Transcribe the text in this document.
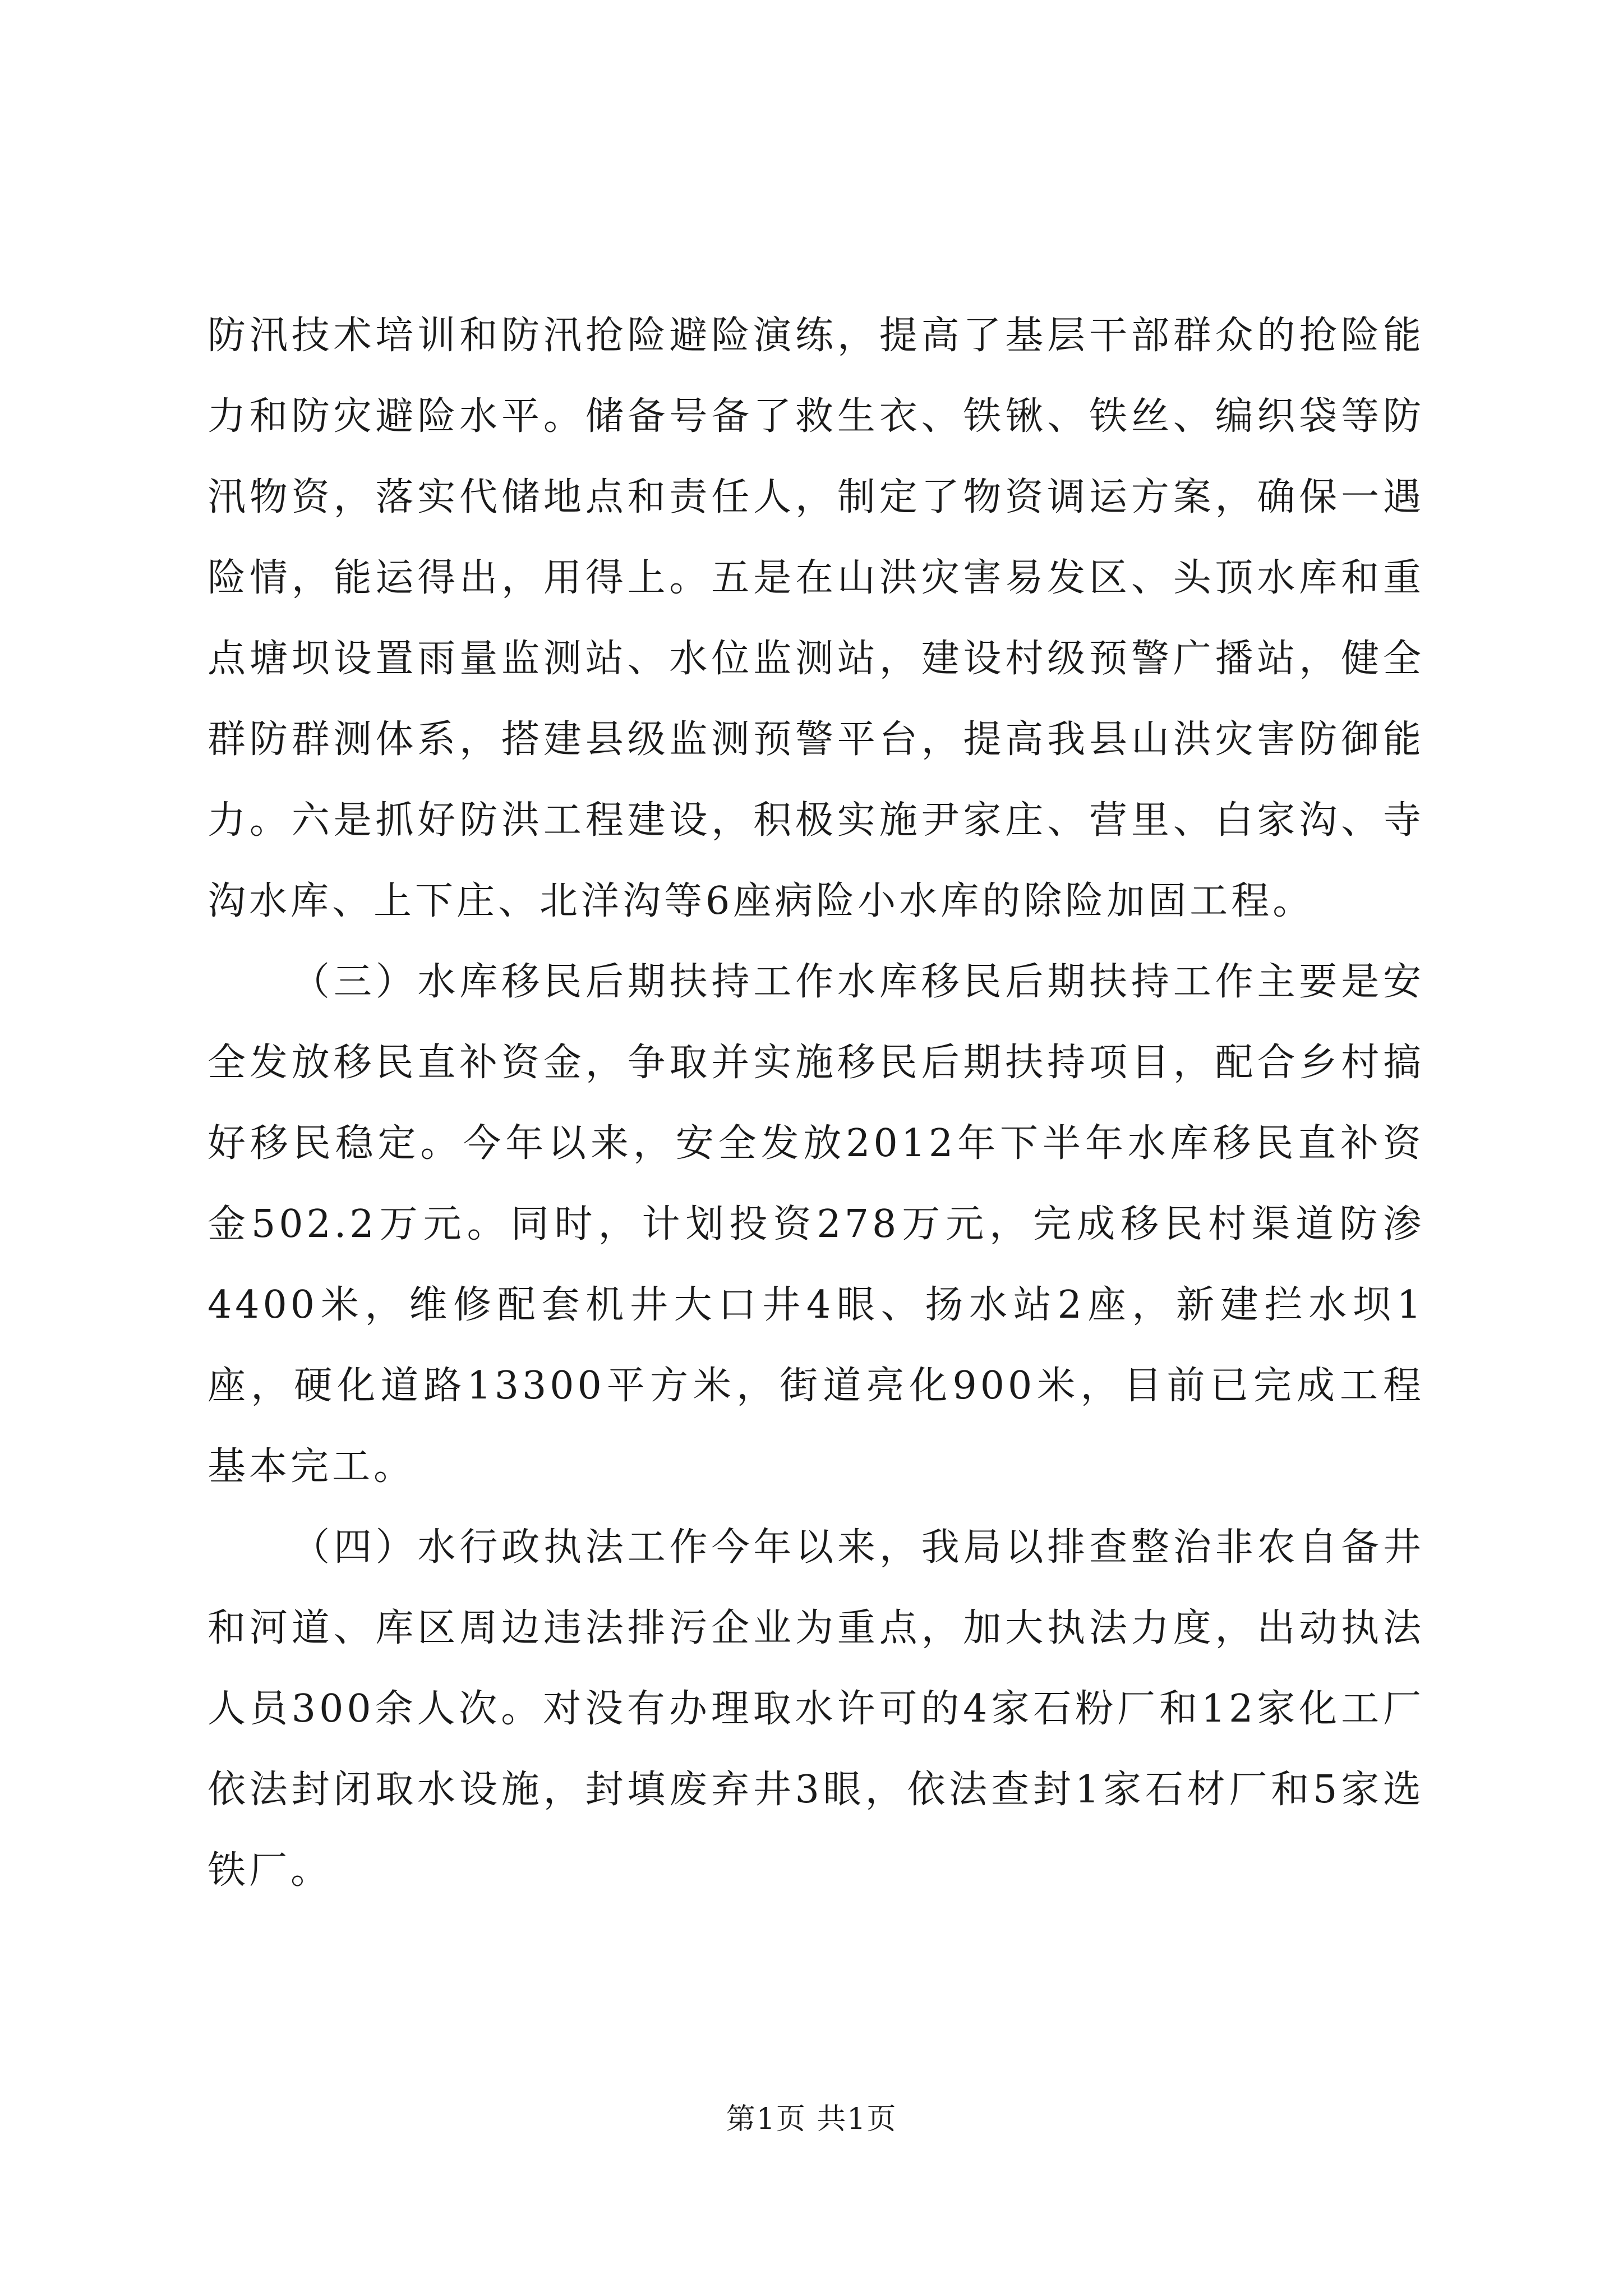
防汛技术培训和防汛抢险避险演练，提高了基层干部群众的抢险能力和防灾避险水平。储备号备了救生衣、铁锹、铁丝、编织袋等防汛物资，落实代储地点和责任人，制定了物资调运方案，确保一遇险情，能运得出，用得上。五是在山洪灾害易发区、头顶水库和重点塘坝设置雨量监测站、水位监测站，建设村级预警广播站，健全群防群测体系，搭建县级监测预警平台，提高我县山洪灾害防御能力。六是抓好防洪工程建设，积极实施尹家庄、营里、白家沟、寺沟水库、上下庄、北洋沟等6座病险小水库的除险加固工程。

（三）水库移民后期扶持工作水库移民后期扶持工作主要是安全发放移民直补资金，争取并实施移民后期扶持项目，配合乡村搞好移民稳定。今年以来，安全发放2012年下半年水库移民直补资金502.2万元。同时，计划投资278万元，完成移民村渠道防渗4400米，维修配套机井大口井4眼、扬水站2座，新建拦水坝1座，硬化道路13300平方米，街道亮化900米，目前已完成工程基本完工。

（四）水行政执法工作今年以来，我局以排查整治非农自备井和河道、库区周边违法排污企业为重点，加大执法力度，出动执法人员300余人次。对没有办理取水许可的4家石粉厂和12家化工厂依法封闭取水设施，封填废弃井3眼，依法查封1家石材厂和5家选铁厂。

第1页 共1页
